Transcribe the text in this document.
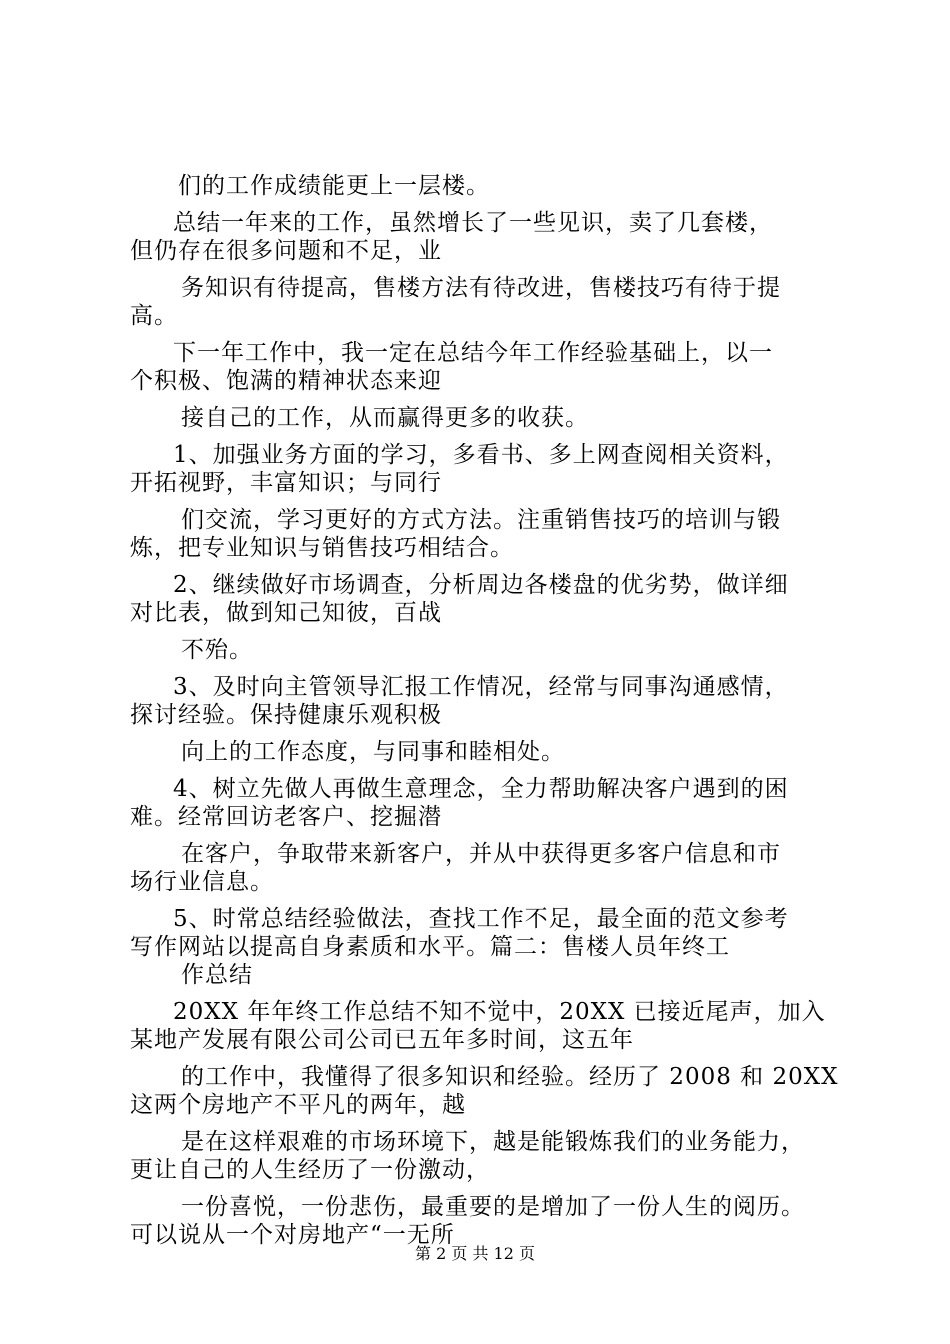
们的工作成绩能更上一层楼。
总结一年来的工作，虽然增长了一些见识，卖了几套楼，
但仍存在很多问题和不足，业
务知识有待提高，售楼方法有待改进，售楼技巧有待于提
高。
下一年工作中，我一定在总结今年工作经验基础上，以一
个积极、饱满的精神状态来迎
接自己的工作，从而赢得更多的收获。
1、加强业务方面的学习，多看书、多上网查阅相关资料，
开拓视野，丰富知识；与同行
们交流，学习更好的方式方法。注重销售技巧的培训与锻
炼，把专业知识与销售技巧相结合。
2、继续做好市场调查，分析周边各楼盘的优劣势，做详细
对比表，做到知己知彼，百战
不殆。
3、及时向主管领导汇报工作情况，经常与同事沟通感情，
探讨经验。保持健康乐观积极
向上的工作态度，与同事和睦相处。
4、树立先做人再做生意理念，全力帮助解决客户遇到的困
难。经常回访老客户、挖掘潜
在客户，争取带来新客户，并从中获得更多客户信息和市
场行业信息。
5、时常总结经验做法，查找工作不足，最全面的范文参考
写作网站以提高自身素质和水平。篇二：售楼人员年终工
作总结
20XX 年年终工作总结不知不觉中，20XX 已接近尾声，加入
某地产发展有限公司公司已五年多时间，这五年
的工作中，我懂得了很多知识和经验。经历了 2008 和 20XX
这两个房地产不平凡的两年，越
是在这样艰难的市场环境下，越是能锻炼我们的业务能力，
更让自己的人生经历了一份激动，
一份喜悦，一份悲伤，最重要的是增加了一份人生的阅历。
可以说从一个对房地产“一无所
第 2 页 共 12 页
